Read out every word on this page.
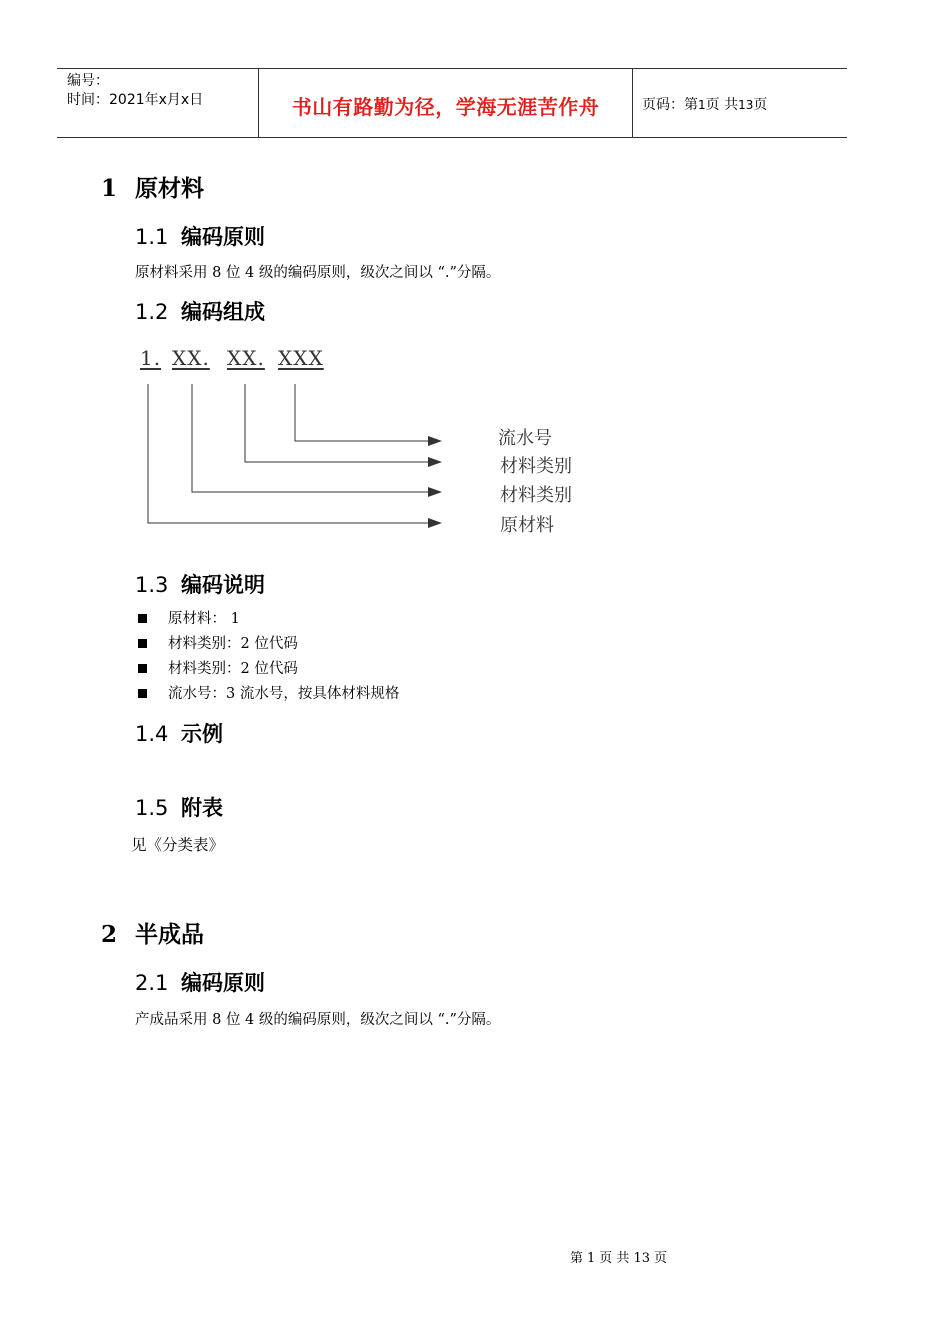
编号：
时间：2021年x月x日	书山有路勤为径，学海无涯苦作舟	页码：第1页 共13页
1 原材料
1.1 编码原则
原材料采用 8 位 4 级的编码原则，级次之间以 “.”分隔。
1.2 编码组成
1. XX. XX. XXX
流水号
材料类别
材料类别
原材料
1.3 编码说明
原材料： 1
材料类别：2 位代码
材料类别：2 位代码
流水号：3 流水号，按具体材料规格
1.4 示例
1.5 附表
见《分类表》
2 半成品
2.1 编码原则
产成品采用 8 位 4 级的编码原则，级次之间以 “.”分隔。
第 1 页 共 13 页
